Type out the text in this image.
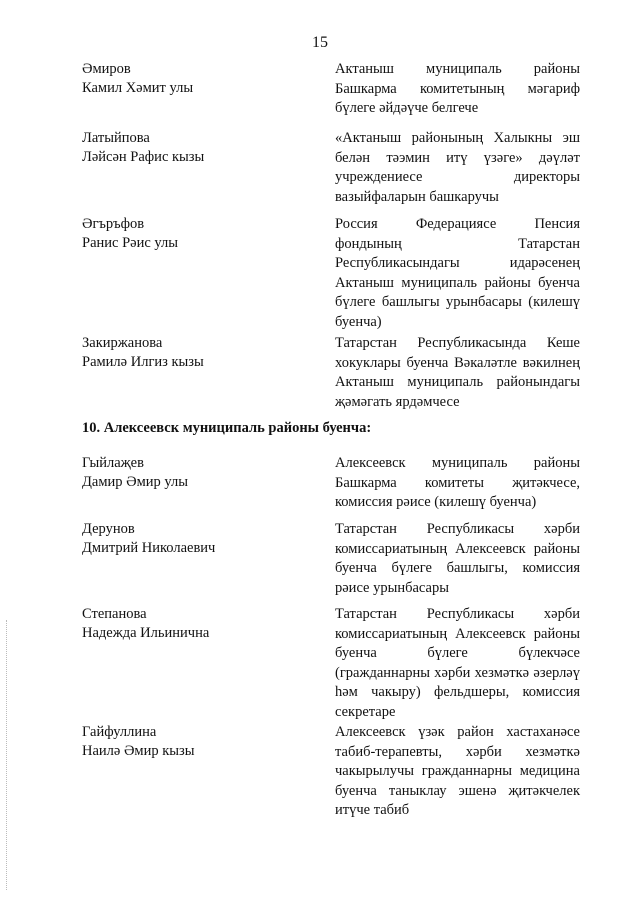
15
Әмиров
Камил Хәмит улы
Актаныш муниципаль районы Башкарма комитетының мәгариф бүлеге әйдәүче белгече
Латыйпова
Ләйсән Рафис кызы
«Актаныш районының Халыкны эш белән тәэмин итү үзәге» дәүләт учреждениесе директоры вазыйфаларын башкаручы
Әгъръфов
Ранис Рәис улы
Россия Федерациясе Пенсия фондының Татарстан Республикасындагы идарәсенең Актаныш муниципаль районы буенча бүлеге башлыгы урынбасары (килешү буенча)
Закиржанова
Рамилә Илгиз кызы
Татарстан Республикасында Кеше хокуклары буенча Вәкаләтле вәкилнең Актаныш муниципаль районындагы җәмәгать ярдәмчесе
10. Алексеевск муниципаль районы буенча:
Гыйлаҗев
Дамир Әмир улы
Алексеевск муниципаль районы Башкарма комитеты җитәкчесе, комиссия рәисе (килешү буенча)
Дерунов
Дмитрий Николаевич
Татарстан Республикасы хәрби комиссариатының Алексеевск районы буенча бүлеге башлыгы, комиссия рәисе урынбасары
Степанова
Надежда Ильинична
Татарстан Республикасы хәрби комиссариатының Алексеевск районы буенча бүлеге бүлекчәсе (гражданнарны хәрби хезмәткә әзерләү һәм чакыру) фельдшеры, комиссия секретаре
Гайфуллина
Наилә Әмир кызы
Алексеевск үзәк район хастаханәсе табиб-терапевты, хәрби хезмәткә чакырылучы гражданнарны медицина буенча таныклау эшенә җитәкчелек итүче табиб
